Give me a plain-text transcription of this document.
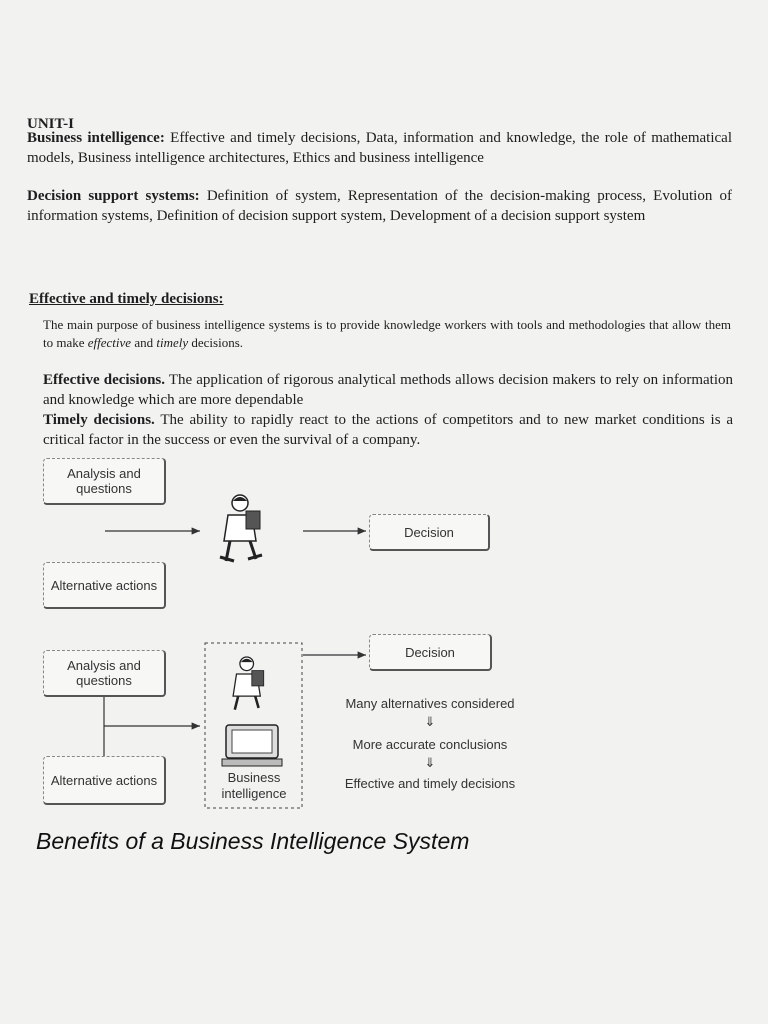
UNIT-I
Business intelligence: Effective and timely decisions, Data, information and knowledge, the role of mathematical models, Business intelligence architectures, Ethics and business intelligence
Decision support systems: Definition of system, Representation of the decision-making process, Evolution of information systems, Definition of decision support system, Development of a decision support system
Effective and timely decisions:
The main purpose of business intelligence systems is to provide knowledge workers with tools and methodologies that allow them to make effective and timely decisions.
Effective decisions. The application of rigorous analytical methods allows decision makers to rely on information and knowledge which are more dependable
Timely decisions. The ability to rapidly react to the actions of competitors and to new market conditions is a critical factor in the success or even the survival of a company.
Analysis and questions
Alternative actions
Decision
Analysis and questions
Alternative actions
Decision
Business intelligence
Many alternatives considered
⇓
More accurate conclusions
⇓
Effective and timely decisions
Benefits of a Business Intelligence System
